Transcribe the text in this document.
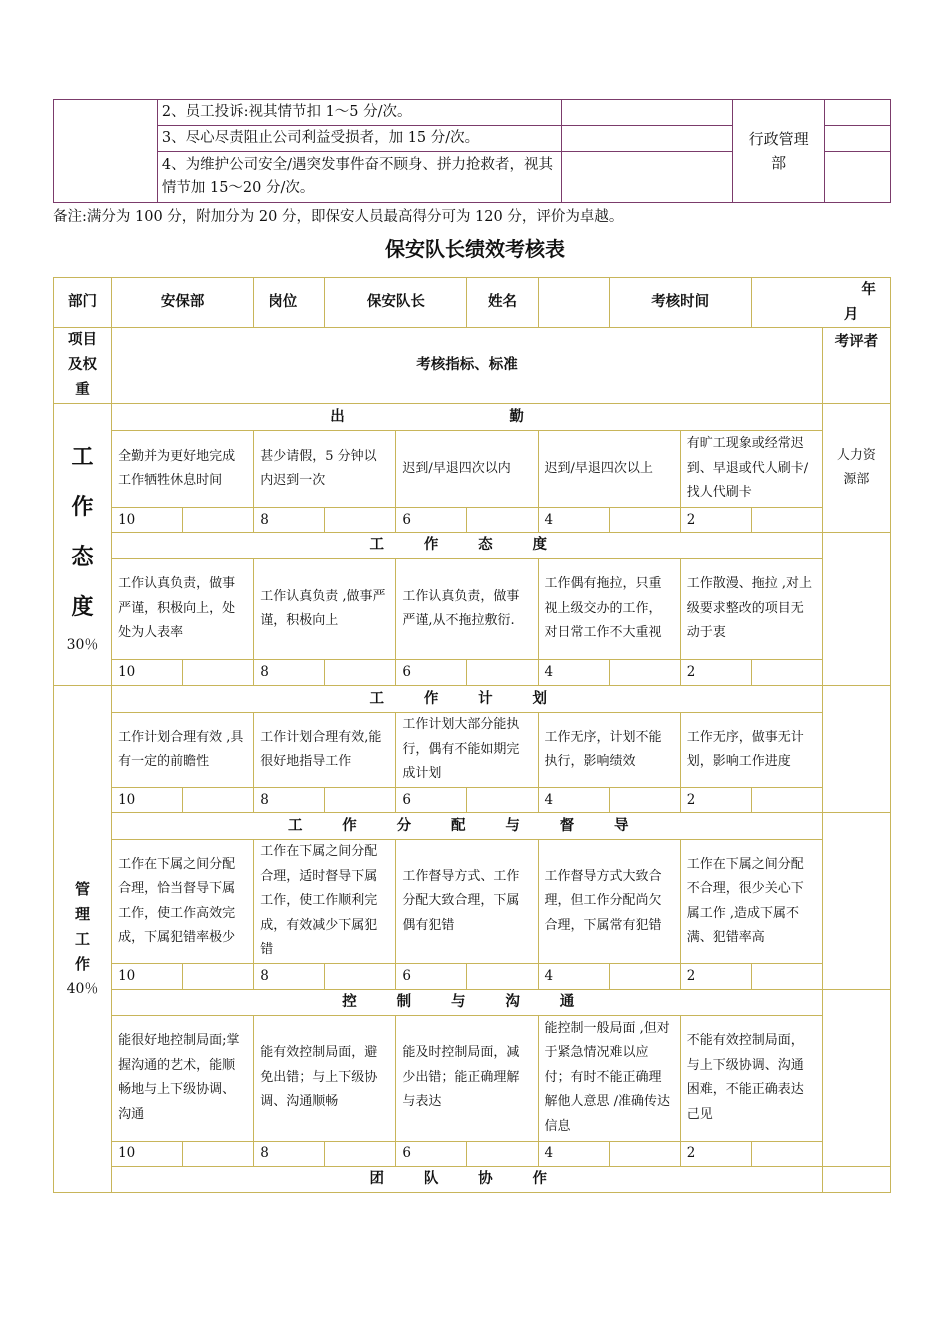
	2、员工投诉:视其情节扣 1～5 分/次。		行政管理部	
	3、尽心尽责阻止公司利益受损者，加 15 分/次。			
	4、为维护公司安全/遇突发事件奋不顾身、拼力抢救者，视其情节加 15～20 分/次。			
备注:满分为 100 分，附加分为 20 分，即保安人员最高得分可为 120 分，评价为卓越。
保安队长绩效考核表
部门	安保部		岗位	保安队长		姓名		考核时间		年月	
项目及权重	考核指标、标准										考评者

工
作
态
度
30％	出 勤										人力资源部

	全勤并为更好地完成工作牺牲休息时间		甚少请假，5 分钟以内迟到一次		迟到/早退四次以内		迟到/早退四次以上		有旷工现象或经常迟到、早退或代人刷卡/找人代刷卡		
	10		8		6		4		2		
	工 作 态 度										
	工作认真负责，做事严谨，积极向上，处处为人表率		工作认真负责 ,做事严谨，积极向上		工作认真负责，做事严谨,从不拖拉敷衍.		工作偶有拖拉，只重视上级交办的工作，对日常工作不大重视		工作散漫、拖拉 ,对上级要求整改的项目无动于衷		
	10		8		6		4		2		

管
理
工
作
40％	工 作 计 划										
	工作计划合理有效 ,具有一定的前瞻性		工作计划合理有效,能很好地指导工作		工作计划大部分能执行，偶有不能如期完成计划		工作无序，计划不能执行，影响绩效		工作无序，做事无计划，影响工作进度		
	10		8		6		4		2		
	工 作 分 配 与 督 导										
	工作在下属之间分配合理，恰当督导下属工作，使工作高效完成，下属犯错率极少		工作在下属之间分配合理，适时督导下属工作，使工作顺利完成，有效减少下属犯错		工作督导方式、工作分配大致合理，下属偶有犯错		工作督导方式大致合理，但工作分配尚欠合理，下属常有犯错		工作在下属之间分配不合理，很少关心下属工作 ,造成下属不满、犯错率高		
	10		8		6		4		2		
	控 制 与 沟 通										
	能很好地控制局面;掌握沟通的艺术，能顺畅地与上下级协调、沟通		能有效控制局面，避免出错；与上下级协调、沟通顺畅		能及时控制局面，减少出错；能正确理解与表达		能控制一般局面 ,但对于紧急情况难以应付；有时不能正确理解他人意思 /准确传达信息		不能有效控制局面，与上下级协调、沟通困难，不能正确表达己见		
	10		8		6		4		2		
	团 队 协 作										
